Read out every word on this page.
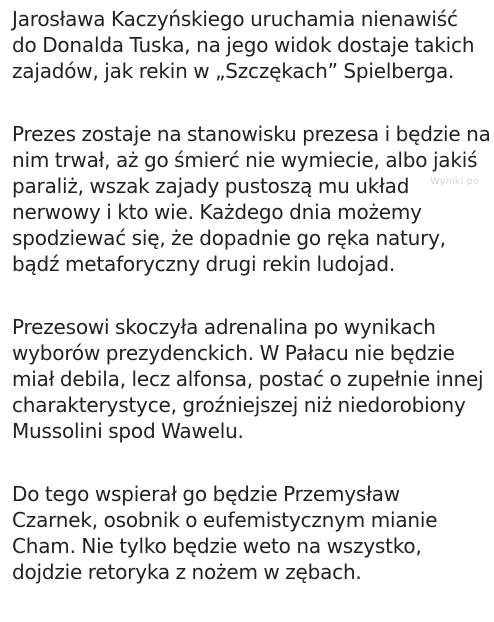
Jarosława Kaczyńskiego uruchamia nienawiść
do Donalda Tuska, na jego widok dostaje takich
zajadów, jak rekin w „Szczękach” Spielberga.

Prezes zostaje na stanowisku prezesa i będzie na
nim trwał, aż go śmierć nie wymiecie, albo jakiś
paraliż, wszak zajady pustoszą mu układ
nerwowy i kto wie. Każdego dnia możemy
spodziewać się, że dopadnie go ręka natury,
bądź metaforyczny drugi rekin ludojad.

Prezesowi skoczyła adrenalina po wynikach
wyborów prezydenckich. W Pałacu nie będzie
miał debila, lecz alfonsa, postać o zupełnie innej
charakterystyce, groźniejszej niż niedorobiony
Mussolini spod Wawelu.

Do tego wspierał go będzie Przemysław
Czarnek, osobnik o eufemistycznym mianie
Cham. Nie tylko będzie weto na wszystko,
dojdzie retoryka z nożem w zębach.

Wyniki po
